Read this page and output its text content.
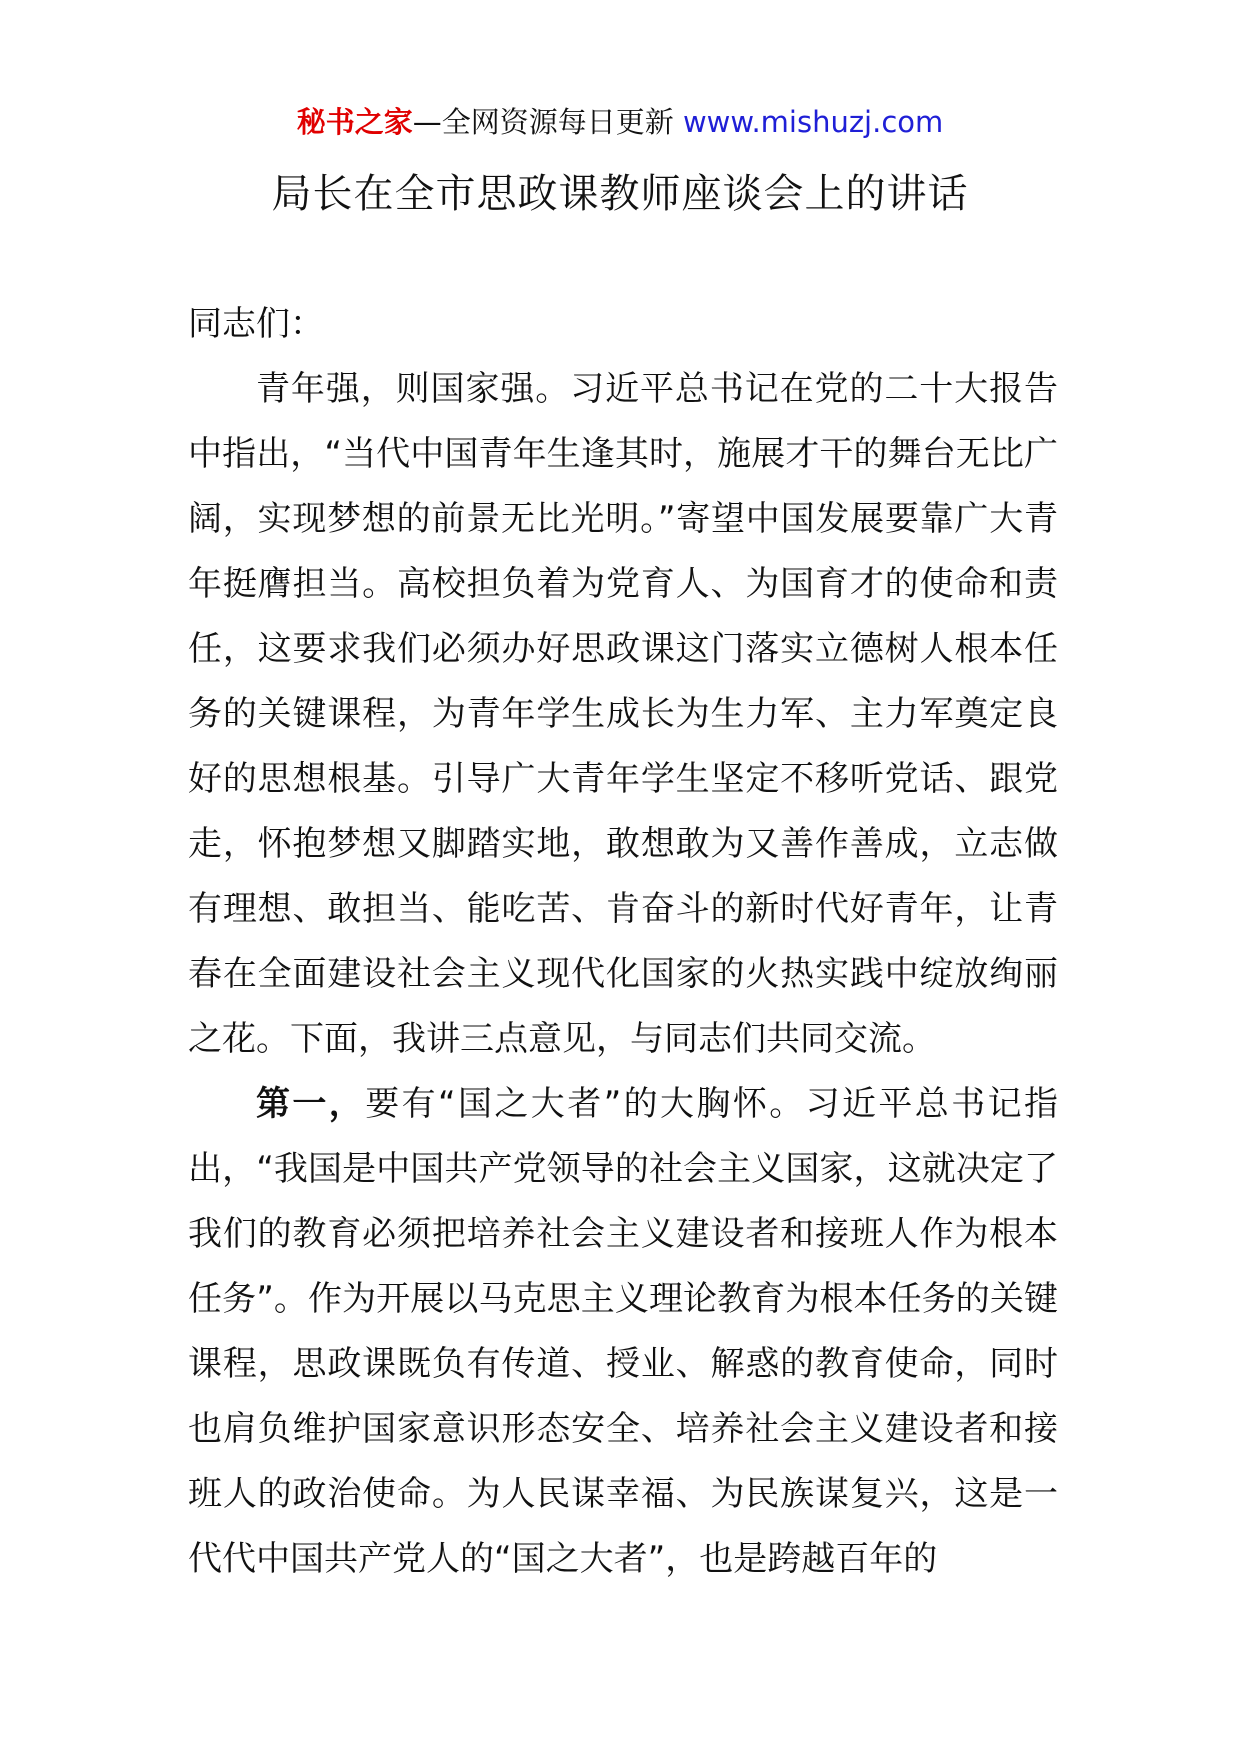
秘书之家—全网资源每日更新 www.mishuzj.com
局长在全市思政课教师座谈会上的讲话

同志们：

青年强，则国家强。习近平总书记在党的二十大报告中指出，“当代中国青年生逢其时，施展才干的舞台无比广阔，实现梦想的前景无比光明。”寄望中国发展要靠广大青年挺膺担当。高校担负着为党育人、为国育才的使命和责任，这要求我们必须办好思政课这门落实立德树人根本任务的关键课程，为青年学生成长为生力军、主力军奠定良好的思想根基。引导广大青年学生坚定不移听党话、跟党走，怀抱梦想又脚踏实地，敢想敢为又善作善成，立志做有理想、敢担当、能吃苦、肯奋斗的新时代好青年，让青春在全面建设社会主义现代化国家的火热实践中绽放绚丽之花。下面，我讲三点意见，与同志们共同交流。

第一，要有“国之大者”的大胸怀。习近平总书记指出，“我国是中国共产党领导的社会主义国家，这就决定了我们的教育必须把培养社会主义建设者和接班人作为根本任务”。作为开展以马克思主义理论教育为根本任务的关键课程，思政课既负有传道、授业、解惑的教育使命，同时也肩负维护国家意识形态安全、培养社会主义建设者和接班人的政治使命。为人民谋幸福、为民族谋复兴，这是一代代中国共产党人的“国之大者”，也是跨越百年的
